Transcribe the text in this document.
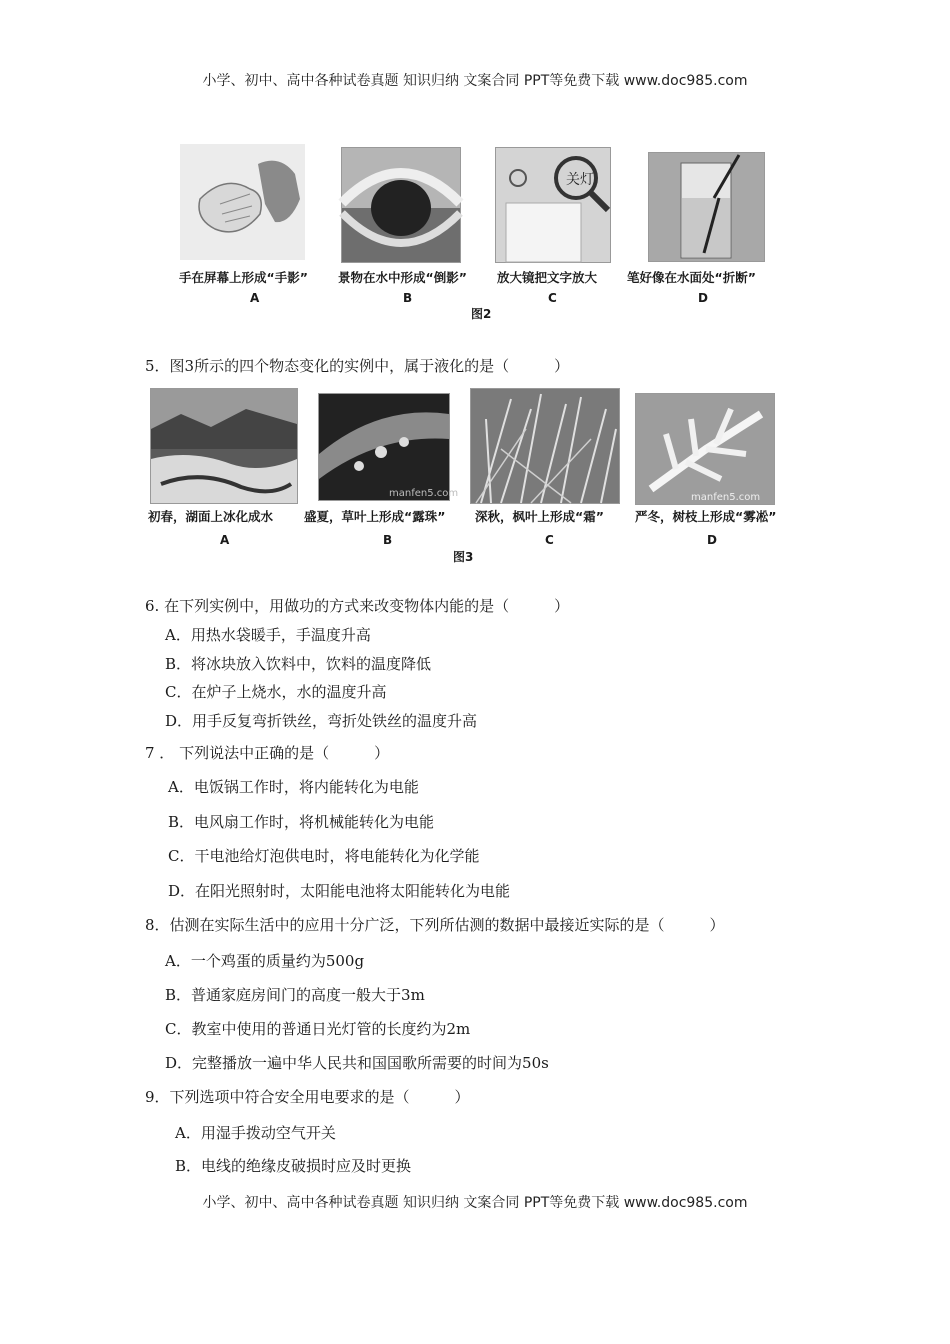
小学、初中、高中各种试卷真题 知识归纳 文案合同 PPT等免费下载 www.doc985.com
关灯
手在屏幕上形成“手影” 景物在水中形成“倒影” 放大镜把文字放大 笔好像在水面处“折断”
A	B	C	D
图2
5．图3所示的四个物态变化的实例中，属于液化的是（　　　）
manfen5.com	manfen5.com
初春，湖面上冰化成水 盛夏，草叶上形成“露珠” 深秋，枫叶上形成“霜” 严冬，树枝上形成“雾凇”
A	B	C	D
图3
6. 在下列实例中，用做功的方式来改变物体内能的是（　　　）
A．用热水袋暖手，手温度升高
B．将冰块放入饮料中，饮料的温度降低
C．在炉子上烧水，水的温度升高
D．用手反复弯折铁丝，弯折处铁丝的温度升高
7 ． 下列说法中正确的是（　　　）
A．电饭锅工作时，将内能转化为电能
B．电风扇工作时，将机械能转化为电能
C．干电池给灯泡供电时，将电能转化为化学能
D．在阳光照射时，太阳能电池将太阳能转化为电能
8．估测在实际生活中的应用十分广泛，下列所估测的数据中最接近实际的是（　　　）
A．一个鸡蛋的质量约为500g
B．普通家庭房间门的高度一般大于3m
C．教室中使用的普通日光灯管的长度约为2m
D．完整播放一遍中华人民共和国国歌所需要的时间为50s
9．下列选项中符合安全用电要求的是（　　　）
A．用湿手拨动空气开关
B．电线的绝缘皮破损时应及时更换
小学、初中、高中各种试卷真题 知识归纳 文案合同 PPT等免费下载 www.doc985.com
